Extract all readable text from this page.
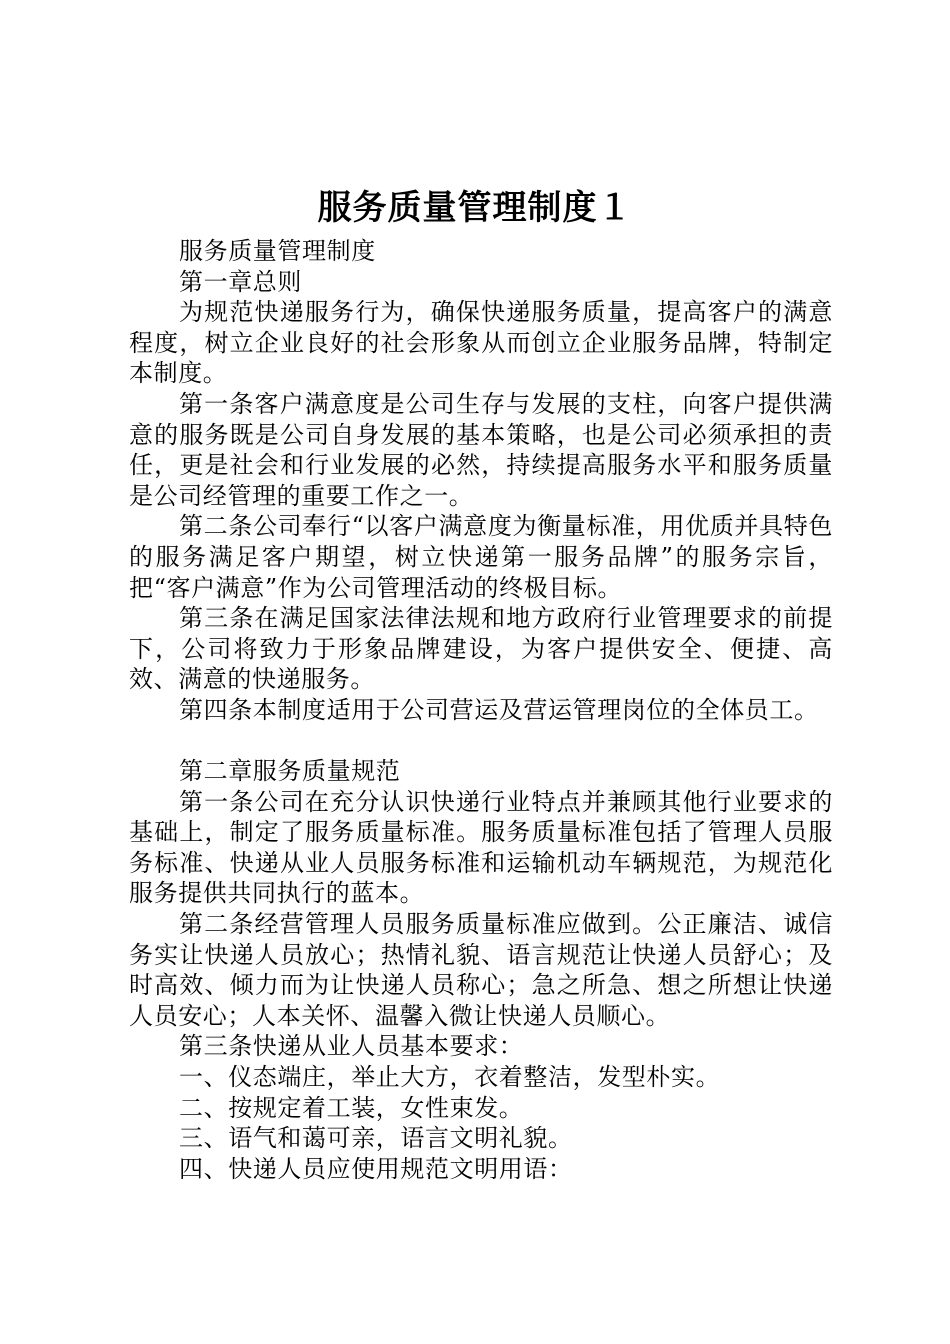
服务质量管理制度１

服务质量管理制度

第一章总则

为规范快递服务行为，确保快递服务质量，提高客户的满意程度，树立企业良好的社会形象从而创立企业服务品牌，特制定本制度。

第一条客户满意度是公司生存与发展的支柱，向客户提供满意的服务既是公司自身发展的基本策略，也是公司必须承担的责任，更是社会和行业发展的必然，持续提高服务水平和服务质量是公司经管理的重要工作之一。

第二条公司奉行“以客户满意度为衡量标准，用优质并具特色的服务满足客户期望，树立快递第一服务品牌”的服务宗旨，把“客户满意”作为公司管理活动的终极目标。

第三条在满足国家法律法规和地方政府行业管理要求的前提下，公司将致力于形象品牌建设，为客户提供安全、便捷、高效、满意的快递服务。

第四条本制度适用于公司营运及营运管理岗位的全体员工。

第二章服务质量规范

第一条公司在充分认识快递行业特点并兼顾其他行业要求的基础上，制定了服务质量标准。服务质量标准包括了管理人员服务标准、快递从业人员服务标准和运输机动车辆规范，为规范化服务提供共同执行的蓝本。

第二条经营管理人员服务质量标准应做到。公正廉洁、诚信务实让快递人员放心；热情礼貌、语言规范让快递人员舒心；及时高效、倾力而为让快递人员称心；急之所急、想之所想让快递人员安心；人本关怀、温馨入微让快递人员顺心。

第三条快递从业人员基本要求：

一、仪态端庄，举止大方，衣着整洁，发型朴实。

二、按规定着工装，女性束发。

三、语气和蔼可亲，语言文明礼貌。

四、快递人员应使用规范文明用语：
